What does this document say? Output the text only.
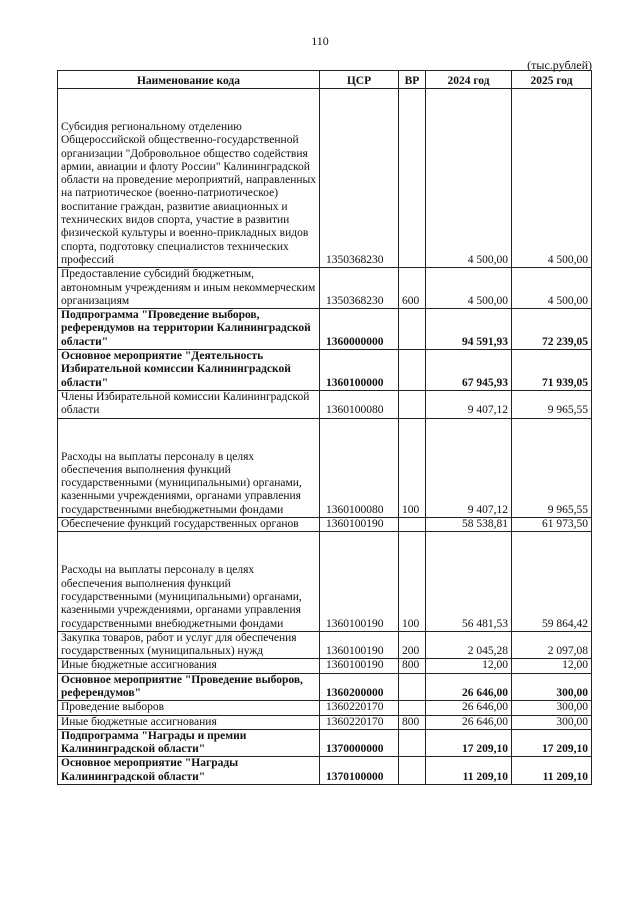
110
(тыс.рублей)
Наименование кода	ЦСР	ВР	2024 год	2025 год
Субсидия региональному отделению Общероссийской общественно-государственной организации "Добровольное общество содействия армии, авиации и флоту России" Калининградской области на проведение мероприятий, направленных на патриотическое (военно-патриотическое) воспитание граждан, развитие авиационных и технических видов спорта, участие в развитии физической культуры и военно-прикладных видов спорта, подготовку специалистов технических профессий	1350368230		4 500,00	4 500,00
Предоставление субсидий бюджетным, автономным учреждениям и иным некоммерческим организациям	1350368230	600	4 500,00	4 500,00
Подпрограмма "Проведение выборов, референдумов на территории Калининградской области"	1360000000		94 591,93	72 239,05
Основное мероприятие "Деятельность Избирательной комиссии Калининградской области"	1360100000		67 945,93	71 939,05
Члены Избирательной комиссии Калининградской области	1360100080		9 407,12	9 965,55
Расходы на выплаты персоналу в целях обеспечения выполнения функций государственными (муниципальными) органами, казенными учреждениями, органами управления государственными внебюджетными фондами	1360100080	100	9 407,12	9 965,55
Обеспечение функций государственных органов	1360100190		58 538,81	61 973,50
Расходы на выплаты персоналу в целях обеспечения выполнения функций государственными (муниципальными) органами, казенными учреждениями, органами управления государственными внебюджетными фондами	1360100190	100	56 481,53	59 864,42
Закупка товаров, работ и услуг для обеспечения государственных (муниципальных) нужд	1360100190	200	2 045,28	2 097,08
Иные бюджетные ассигнования	1360100190	800	12,00	12,00
Основное мероприятие "Проведение выборов, референдумов"	1360200000		26 646,00	300,00
Проведение выборов	1360220170		26 646,00	300,00
Иные бюджетные ассигнования	1360220170	800	26 646,00	300,00
Подпрограмма "Награды и премии Калининградской области"	1370000000		17 209,10	17 209,10
Основное мероприятие "Награды Калининградской области"	1370100000		11 209,10	11 209,10
